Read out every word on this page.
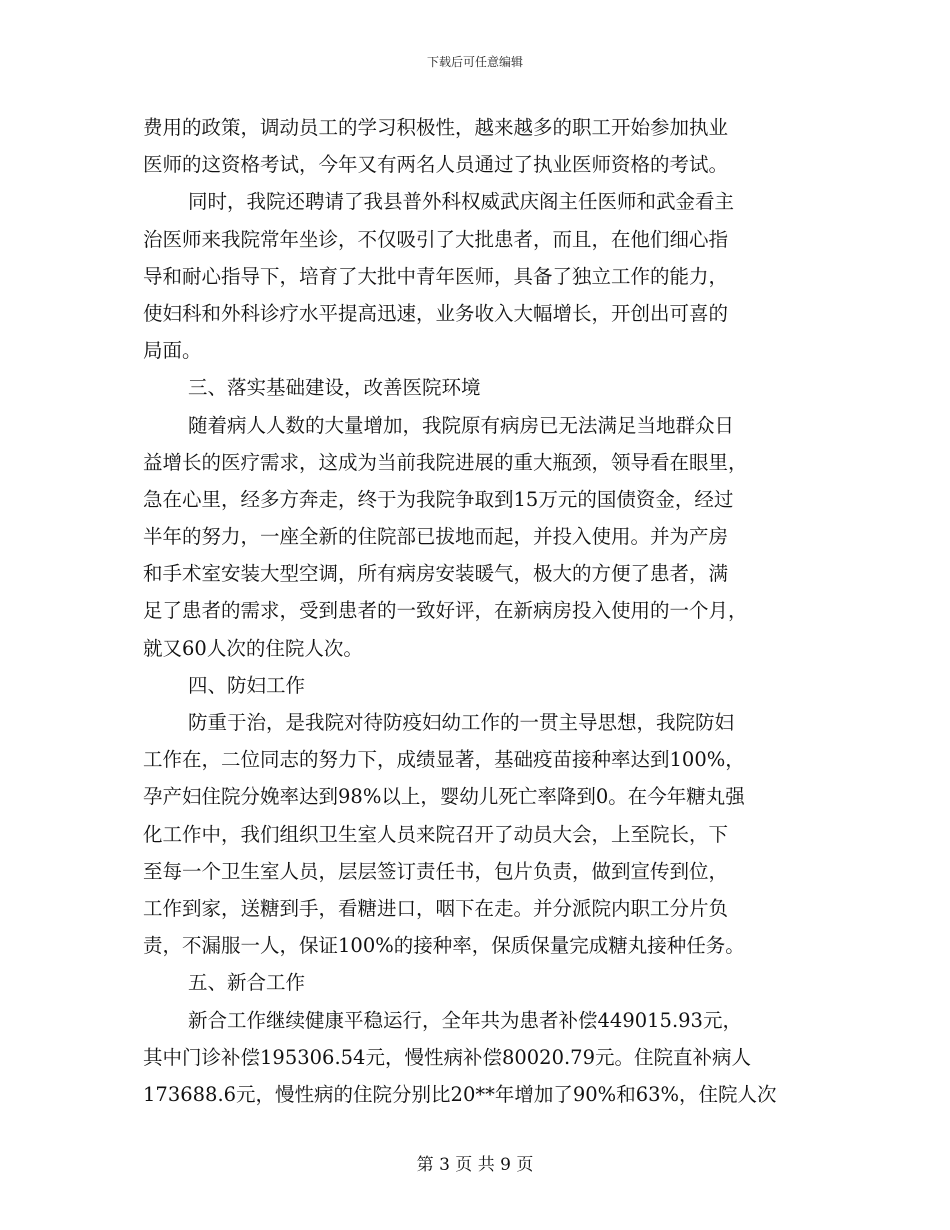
下载后可任意编辑
费用的政策，调动员工的学习积极性，越来越多的职工开始参加执业
医师的这资格考试，今年又有两名人员通过了执业医师资格的考试。
同时，我院还聘请了我县普外科权威武庆阁主任医师和武金看主
治医师来我院常年坐诊，不仅吸引了大批患者，而且，在他们细心指
导和耐心指导下，培育了大批中青年医师，具备了独立工作的能力，
使妇科和外科诊疗水平提高迅速，业务收入大幅增长，开创出可喜的
局面。
三、落实基础建设，改善医院环境
随着病人人数的大量增加，我院原有病房已无法满足当地群众日
益增长的医疗需求，这成为当前我院进展的重大瓶颈，领导看在眼里，
急在心里，经多方奔走，终于为我院争取到15万元的国债资金，经过
半年的努力，一座全新的住院部已拔地而起，并投入使用。并为产房
和手术室安装大型空调，所有病房安装暖气，极大的方便了患者，满
足了患者的需求，受到患者的一致好评，在新病房投入使用的一个月，
就又60人次的住院人次。
四、防妇工作
防重于治，是我院对待防疫妇幼工作的一贯主导思想，我院防妇
工作在，二位同志的努力下，成绩显著，基础疫苗接种率达到100%，
孕产妇住院分娩率达到98%以上，婴幼儿死亡率降到0。在今年糖丸强
化工作中，我们组织卫生室人员来院召开了动员大会，上至院长，下
至每一个卫生室人员，层层签订责任书，包片负责，做到宣传到位，
工作到家，送糖到手，看糖进口，咽下在走。并分派院内职工分片负
责，不漏服一人，保证100%的接种率，保质保量完成糖丸接种任务。
五、新合工作
新合工作继续健康平稳运行，全年共为患者补偿449015.93元，
其中门诊补偿195306.54元，慢性病补偿80020.79元。住院直补病人
173688.6元，慢性病的住院分别比20**年增加了90%和63%，住院人次
第 3 页 共 9 页
